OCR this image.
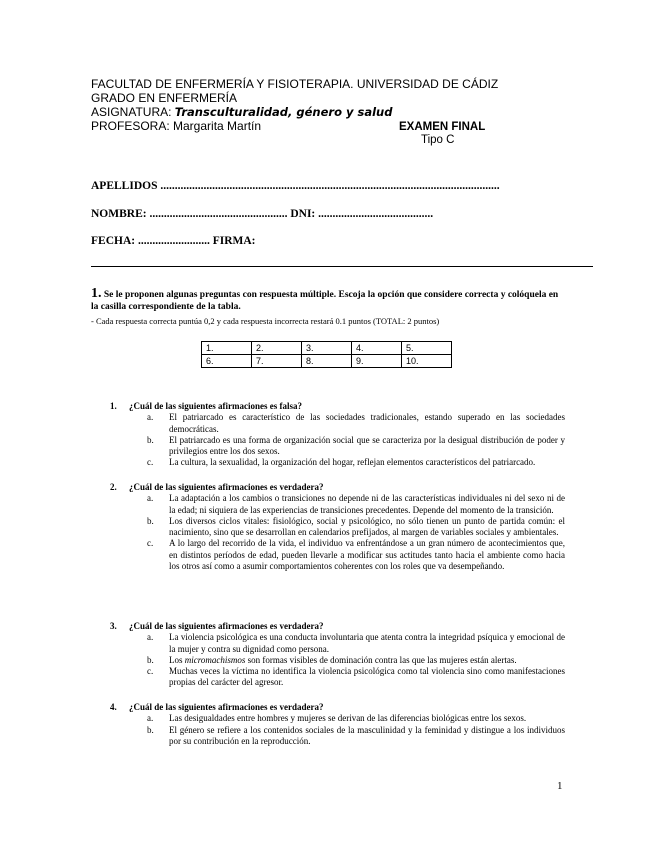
FACULTAD DE ENFERMERÍA Y FISIOTERAPIA. UNIVERSIDAD DE CÁDIZ
GRADO EN ENFERMERÍA
ASIGNATURA: Transculturalidad, género y salud
PROFESORA: Margarita Martín	EXAMEN FINAL
Tipo C
APELLIDOS ......................................................................................................................
NOMBRE: ................................................ DNI: ........................................
FECHA: ......................... FIRMA:
1. Se le proponen algunas preguntas con respuesta múltiple. Escoja la opción que considere correcta y colóquela en la casilla correspondiente de la tabla.
- Cada respuesta correcta puntúa 0,2 y cada respuesta incorrecta restará 0.1 puntos (TOTAL: 2 puntos)
1.	2.	3.	4.	5.
6.	7.	8.	9.	10.
1.	¿Cuál de las siguientes afirmaciones es falsa?
a.	El patriarcado es característico de las sociedades tradicionales, estando superado en las sociedades democráticas.
b.	El patriarcado es una forma de organización social que se caracteriza por la desigual distribución de poder y privilegios entre los dos sexos.
c.	La cultura, la sexualidad, la organización del hogar, reflejan elementos característicos del patriarcado.
2.	¿Cuál de las siguientes afirmaciones es verdadera?
a.	La adaptación a los cambios o transiciones no depende ni de las características individuales ni del sexo ni de la edad; ni siquiera de las experiencias de transiciones precedentes. Depende del momento de la transición.
b.	Los diversos ciclos vitales: fisiológico, social y psicológico, no sólo tienen un punto de partida común: el nacimiento, sino que se desarrollan en calendarios prefijados, al margen de variables sociales y ambientales.
c.	A lo largo del recorrido de la vida, el individuo va enfrentándose a un gran número de acontecimientos que, en distintos períodos de edad, pueden llevarle a modificar sus actitudes tanto hacia el ambiente como hacia los otros así como a asumir comportamientos coherentes con los roles que va desempeñando.
3.	¿Cuál de las siguientes afirmaciones es verdadera?
a.	La violencia psicológica es una conducta involuntaria que atenta contra la integridad psíquica y emocional de la mujer y contra su dignidad como persona.
b.	Los micromachismos son formas visibles de dominación contra las que las mujeres están alertas.
c.	Muchas veces la víctima no identifica la violencia psicológica como tal violencia sino como manifestaciones propias del carácter del agresor.
4.	¿Cuál de las siguientes afirmaciones es verdadera?
a.	Las desigualdades entre hombres y mujeres se derivan de las diferencias biológicas entre los sexos.
b.	El género se refiere a los contenidos sociales de la masculinidad y la feminidad y distingue a los individuos por su contribución en la reproducción.
1
